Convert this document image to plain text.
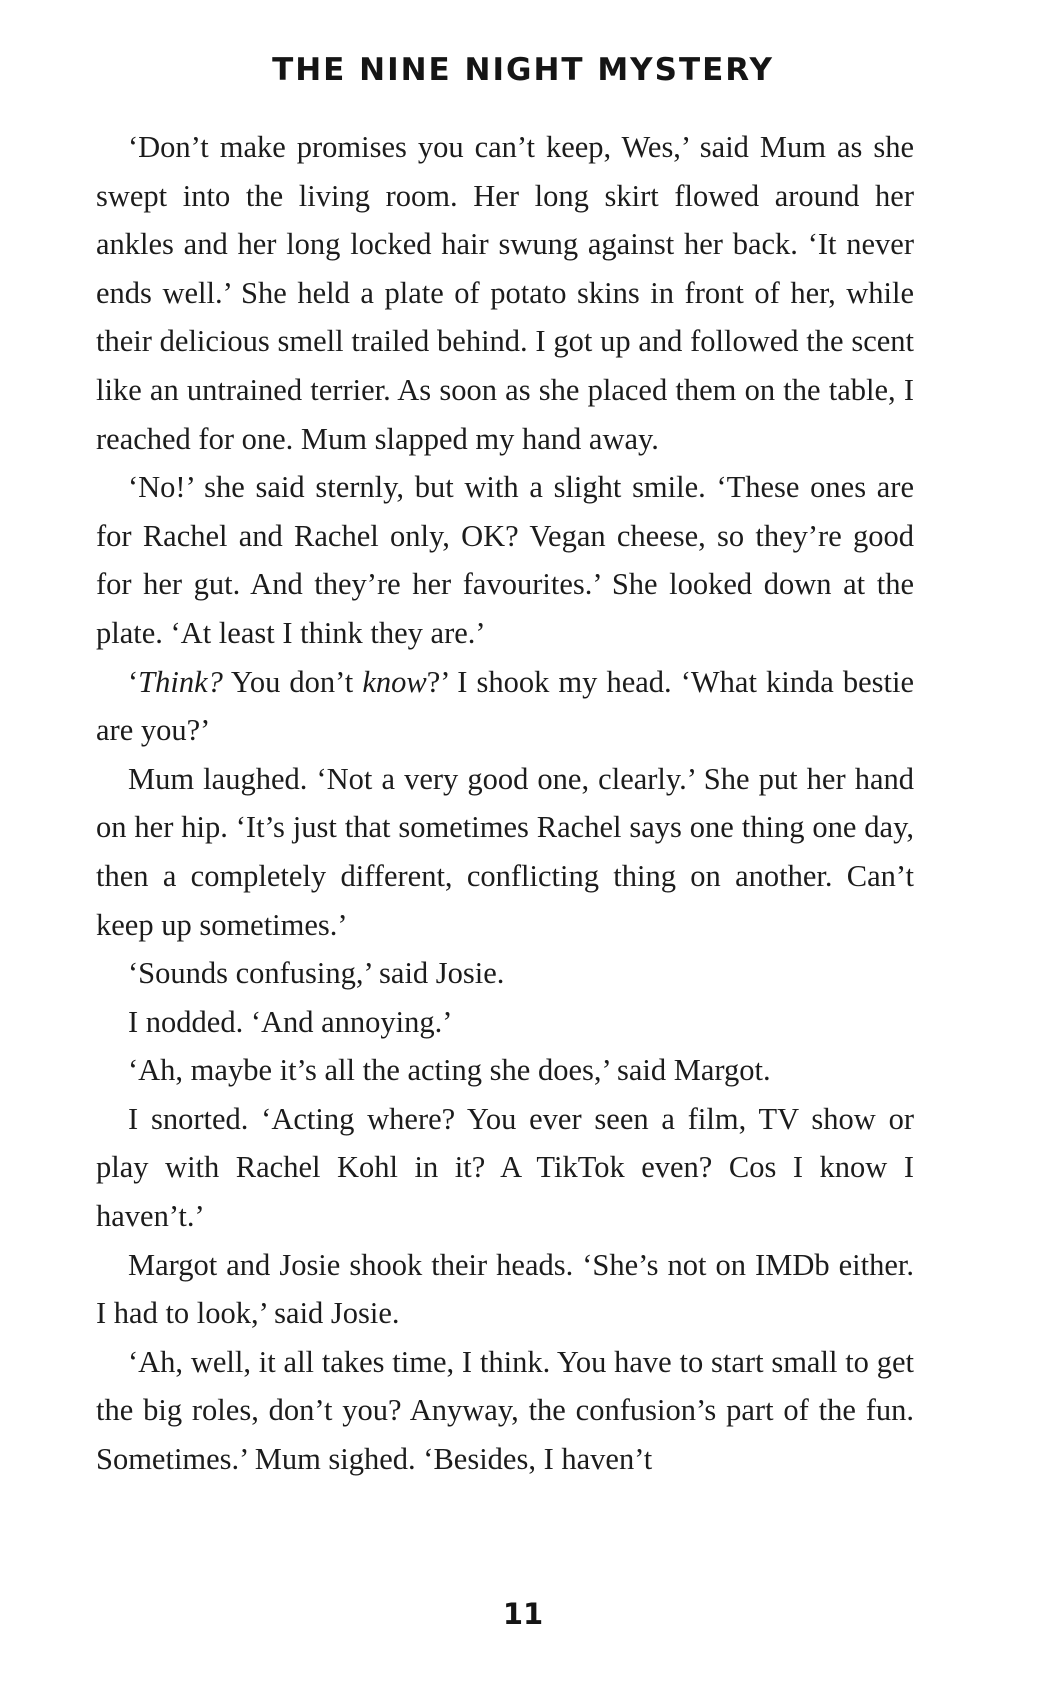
THE NINE NIGHT MYSTERY

‘Don’t make promises you can’t keep, Wes,’ said Mum as she swept into the living room. Her long skirt flowed around her ankles and her long locked hair swung against her back. ‘It never ends well.’ She held a plate of potato skins in front of her, while their delicious smell trailed behind. I got up and followed the scent like an untrained terrier. As soon as she placed them on the table, I reached for one. Mum slapped my hand away.

‘No!’ she said sternly, but with a slight smile. ‘These ones are for Rachel and Rachel only, OK? Vegan cheese, so they’re good for her gut. And they’re her favourites.’ She looked down at the plate. ‘At least I think they are.’

‘Think? You don’t know?’ I shook my head. ‘What kinda bestie are you?’

Mum laughed. ‘Not a very good one, clearly.’ She put her hand on her hip. ‘It’s just that sometimes Rachel says one thing one day, then a completely different, conflicting thing on another. Can’t keep up sometimes.’

‘Sounds confusing,’ said Josie.

I nodded. ‘And annoying.’

‘Ah, maybe it’s all the acting she does,’ said Margot.

I snorted. ‘Acting where? You ever seen a film, TV show or play with Rachel Kohl in it? A TikTok even? Cos I know I haven’t.’

Margot and Josie shook their heads. ‘She’s not on IMDb either. I had to look,’ said Josie.

‘Ah, well, it all takes time, I think. You have to start small to get the big roles, don’t you? Anyway, the confusion’s part of the fun. Sometimes.’ Mum sighed. ‘Besides, I haven’t

11
